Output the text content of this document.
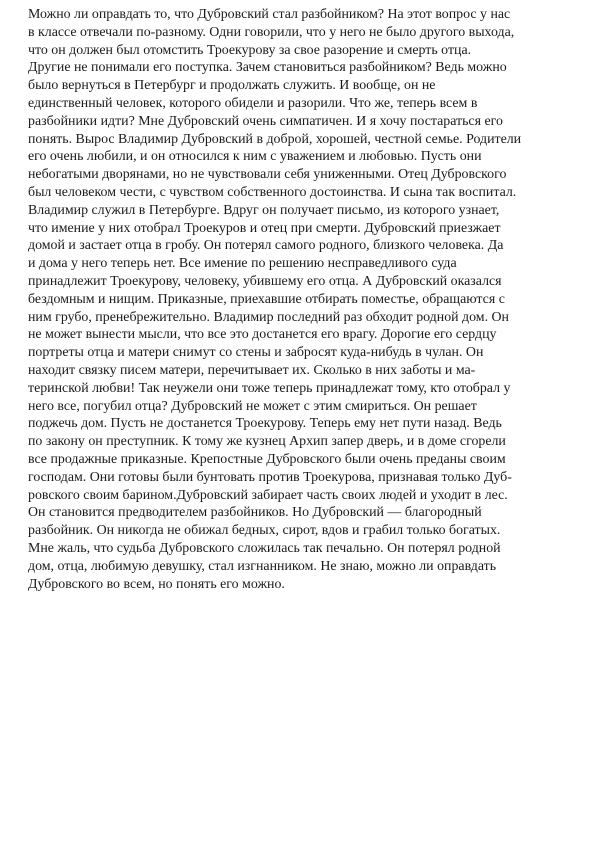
Можно ли оправдать то, что Дубровский стал разбойником? На этот вопрос у нас
в классе отвечали по-разному. Одни говорили, что у него не было другого выхода,
что он должен был отомстить Троекурову за свое разорение и смерть отца.
Другие не понимали его поступка. Зачем становиться разбойником? Ведь можно
было вернуться в Петербург и продолжать служить. И вообще, он не
единственный человек, которого обидели и разорили. Что же, теперь всем в
разбойники идти? Мне Дубровский очень симпатичен. И я хочу постараться его
понять. Вырос Владимир Дубровский в доброй, хорошей, честной семье. Родители
его очень любили, и он относился к ним с уважением и любовью. Пусть они
небогатыми дворянами, но не чувствовали себя униженными. Отец Дубровского
был человеком чести, с чувством собственного достоинства. И сына так воспитал.
Владимир служил в Петербурге. Вдруг он получает письмо, из которого узнает,
что имение у них отобрал Троекуров и отец при смерти. Дубровский приезжает
домой и застает отца в гробу. Он потерял самого родного, близкого человека. Да
и дома у него теперь нет. Все имение по решению несправедливого суда
принадлежит Троекурову, человеку, убившему его отца. А Дубровский оказался
бездомным и нищим. Приказные, приехавшие отбирать поместье, обращаются с
ним грубо, пренебрежительно. Владимир последний раз обходит родной дом. Он
не может вынести мысли, что все это достанется его врагу. Дорогие его сердцу
портреты отца и матери снимут со стены и забросят куда-нибудь в чулан. Он
находит связку писем матери, перечитывает их. Сколько в них заботы и ма-
теринской любви! Так неужели они тоже теперь принадлежат тому, кто отобрал у
него все, погубил отца? Дубровский не может с этим смириться. Он решает
поджечь дом. Пусть не достанется Троекурову. Теперь ему нет пути назад. Ведь
по закону он преступник. К тому же кузнец Архип запер дверь, и в доме сгорели
все продажные приказные. Крепостные Дубровского были очень преданы своим
господам. Они готовы были бунтовать против Троекурова, признавая только Дуб-
ровского своим барином.Дубровский забирает часть своих людей и уходит в лес.
Он становится предводителем разбойников. Но Дубровский — благородный
разбойник. Он никогда не обижал бедных, сирот, вдов и грабил только богатых.
Мне жаль, что судьба Дубровского сложилась так печально. Он потерял родной
дом, отца, любимую девушку, стал изгнанником. Не знаю, можно ли оправдать
Дубровского во всем, но понять его можно.
